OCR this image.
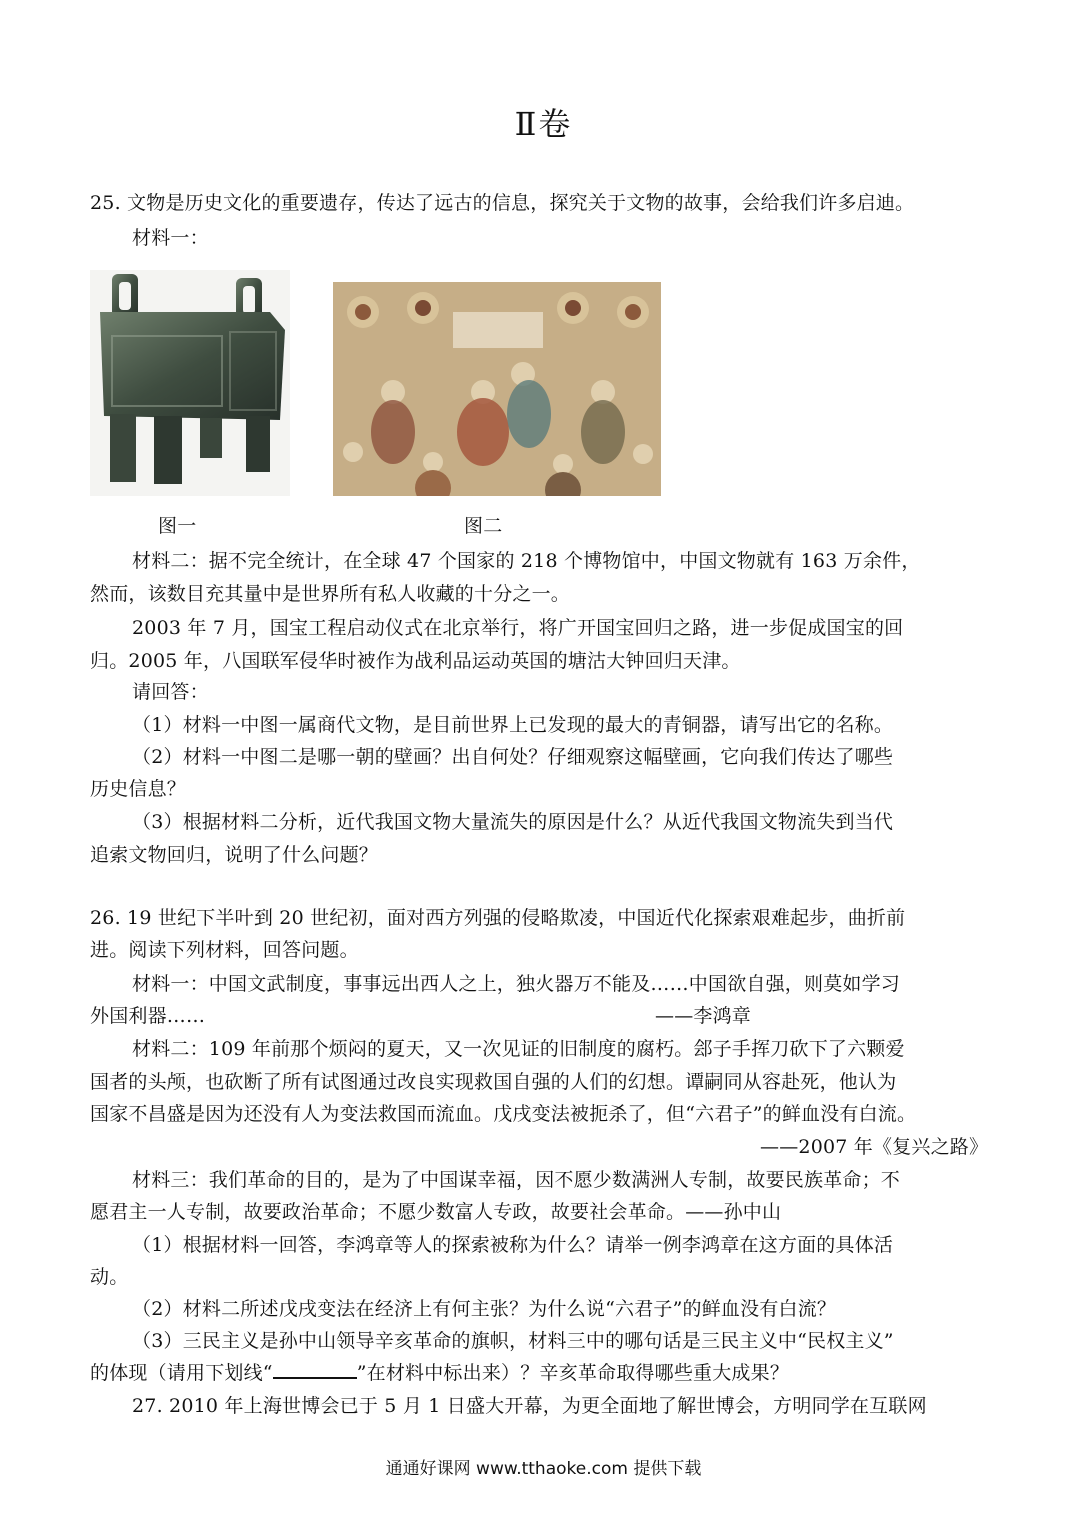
Ⅱ卷
25. 文物是历史文化的重要遗存，传达了远古的信息，探究关于文物的故事，会给我们许多启迪。
材料一：
图一	图二
材料二：据不完全统计，在全球 47 个国家的 218 个博物馆中，中国文物就有 163 万余件，
然而，该数目充其量中是世界所有私人收藏的十分之一。
2003 年 7 月，国宝工程启动仪式在北京举行，将广开国宝回归之路，进一步促成国宝的回
归。2005 年，八国联军侵华时被作为战利品运动英国的塘沽大钟回归天津。
请回答：
（1）材料一中图一属商代文物，是目前世界上已发现的最大的青铜器，请写出它的名称。
（2）材料一中图二是哪一朝的壁画？出自何处？仔细观察这幅壁画，它向我们传达了哪些
历史信息？
（3）根据材料二分析，近代我国文物大量流失的原因是什么？从近代我国文物流失到当代
追索文物回归，说明了什么问题？
26. 19 世纪下半叶到 20 世纪初，面对西方列强的侵略欺凌，中国近代化探索艰难起步，曲折前
进。阅读下列材料，回答问题。
材料一：中国文武制度，事事远出西人之上，独火器万不能及……中国欲自强，则莫如学习
外国利器……	——李鸿章
材料二：109 年前那个烦闷的夏天，又一次见证的旧制度的腐朽。郐子手挥刀砍下了六颗爱
国者的头颅，也砍断了所有试图通过改良实现救国自强的人们的幻想。谭嗣同从容赴死，他认为
国家不昌盛是因为还没有人为变法救国而流血。戊戌变法被扼杀了，但“六君子”的鲜血没有白流。
——2007 年《复兴之路》
材料三：我们革命的目的，是为了中国谋幸福，因不愿少数满洲人专制，故要民族革命；不
愿君主一人专制，故要政治革命；不愿少数富人专政，故要社会革命。——孙中山
（1）根据材料一回答，李鸿章等人的探索被称为什么？请举一例李鸿章在这方面的具体活
动。
（2）材料二所述戊戌变法在经济上有何主张？为什么说“六君子”的鲜血没有白流？
（3）三民主义是孙中山领导辛亥革命的旗帜，材料三中的哪句话是三民主义中“民权主义”
的体现（请用下划线“	”在材料中标出来）？辛亥革命取得哪些重大成果？
27. 2010 年上海世博会已于 5 月 1 日盛大开幕，为更全面地了解世博会，方明同学在互联网
通通好课网 www.tthaoke.com 提供下载
